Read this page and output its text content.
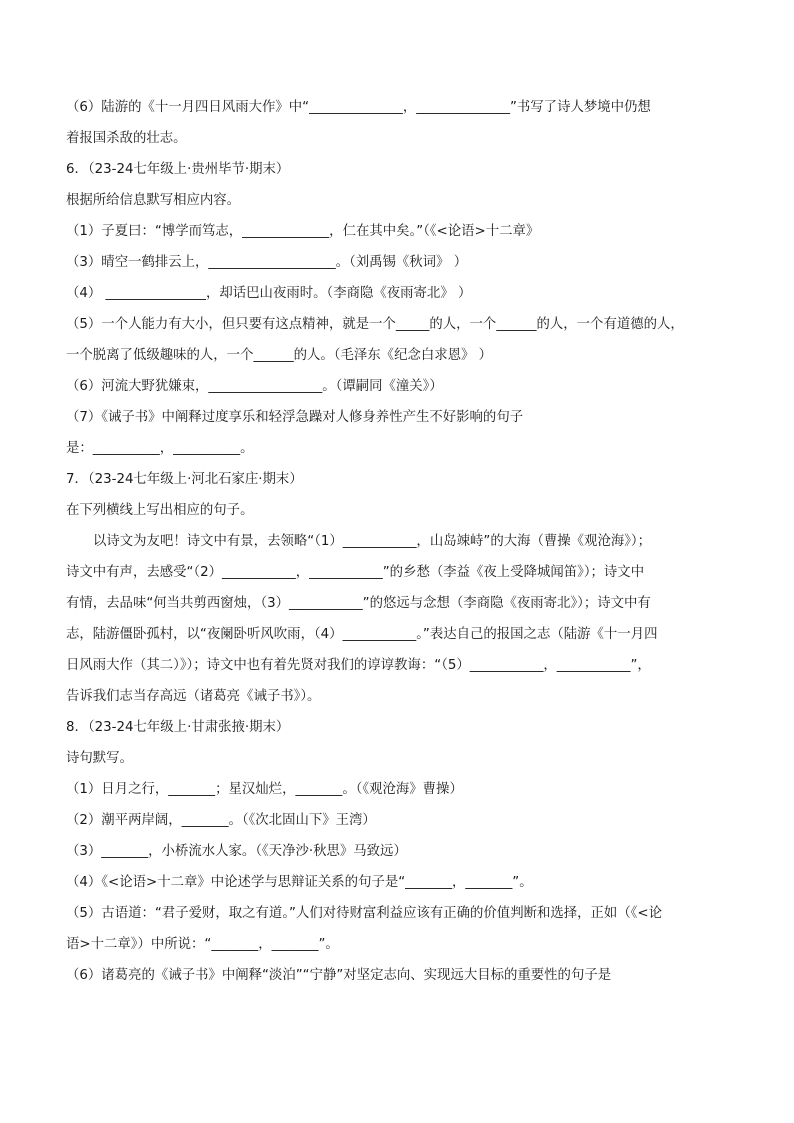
（6）陆游的《十一月四日风雨大作》中“______________，______________”书写了诗人梦境中仍想
着报国杀敌的壮志。
6．（23-24七年级上·贵州毕节·期末）
根据所给信息默写相应内容。
（1）子夏曰：“博学而笃志，_____________，仁在其中矣。”（《<论语>十二章》
（3）晴空一鹤排云上，___________________。（刘禹锡《秋词》 ）
（4） _______________，却话巴山夜雨时。（李商隐《夜雨寄北》 ）
（5）一个人能力有大小，但只要有这点精神，就是一个_____的人，一个______的人，一个有道德的人，
一个脱离了低级趣味的人，一个______的人。（毛泽东《纪念白求恩》 ）
（6）河流大野犹嫌束，_________________。（谭嗣同《潼关》）
（7）《诫子书》中阐释过度享乐和轻浮急躁对人修身养性产生不好影响的句子
是：__________，__________。
7．（23-24七年级上·河北石家庄·期末）
在下列横线上写出相应的句子。
以诗文为友吧！诗文中有景，去领略“（1）___________，山岛竦峙”的大海（曹操《观沧海》）；
诗文中有声，去感受“（2）___________，___________”的乡愁（李益《夜上受降城闻笛》）；诗文中
有情，去品味“何当共剪西窗烛，（3）___________”的悠远与念想（李商隐《夜雨寄北》）；诗文中有
志，陆游僵卧孤村，以“夜阑卧听风吹雨，（4）___________。”表达自己的报国之志（陆游《十一月四
日风雨大作（其二）》）；诗文中也有着先贤对我们的谆谆教诲：“（5）___________，___________”，
告诉我们志当存高远（诸葛亮《诫子书》）。
8．（23-24七年级上·甘肃张掖·期末）
诗句默写。
（1）日月之行，_______；星汉灿烂，_______。（《观沧海》曹操）
（2）潮平两岸阔，_______。（《次北固山下》王湾）
（3）_______，小桥流水人家。（《天净沙·秋思》马致远）
（4）《<论语>十二章》中论述学与思辩证关系的句子是“_______，_______”。
（5）古语道：“君子爱财，取之有道。”人们对待财富利益应该有正确的价值判断和选择，正如（《<论
语>十二章》）中所说：“_______，_______”。
（6）诸葛亮的《诫子书》中阐释“淡泊”“宁静”对坚定志向、实现远大目标的重要性的句子是
